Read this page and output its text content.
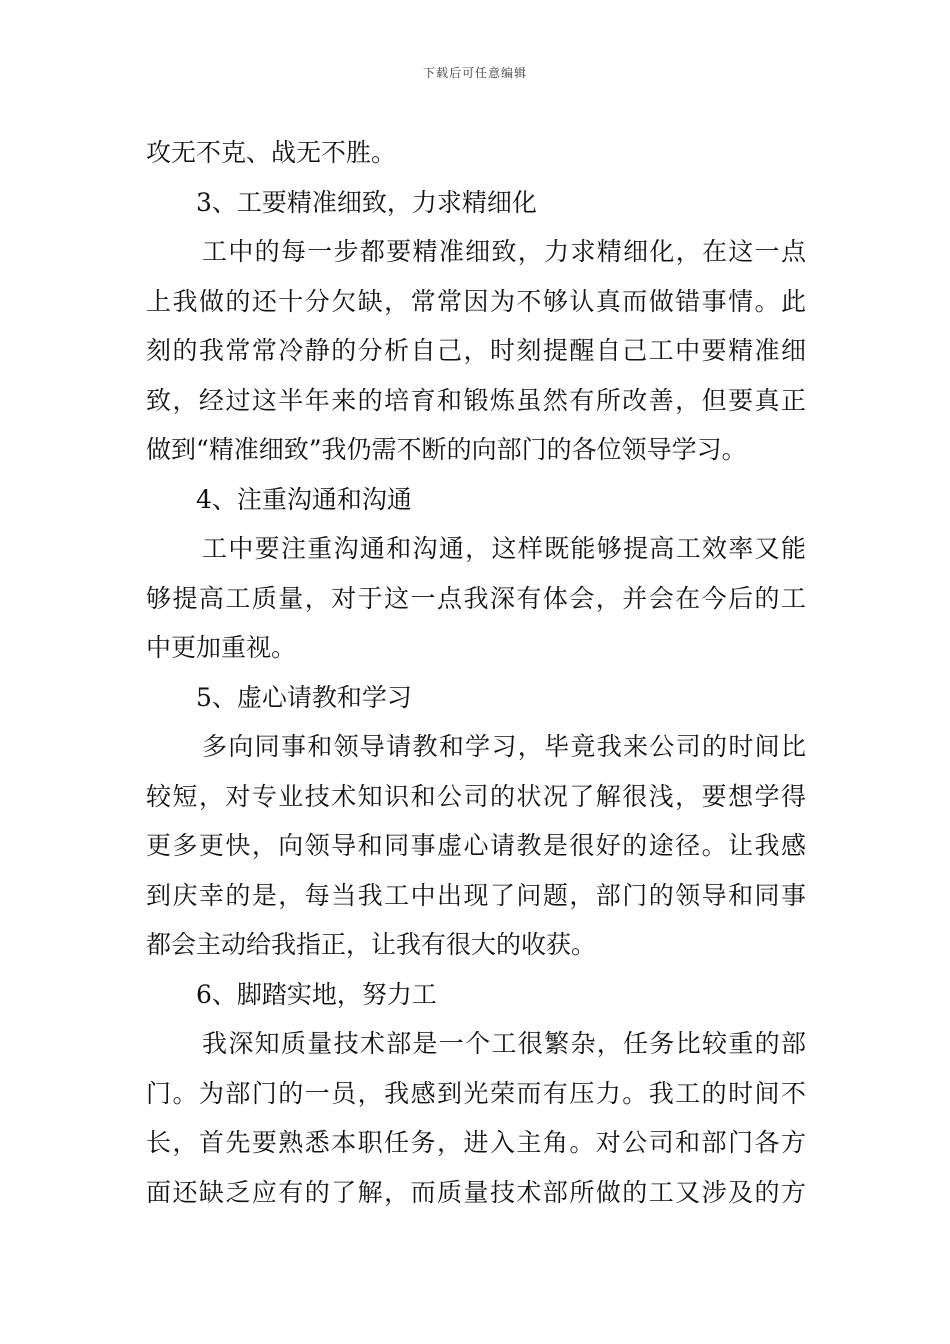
下载后可任意编辑
攻无不克、战无不胜。
3、工要精准细致，力求精细化
工中的每一步都要精准细致，力求精细化，在这一点
上我做的还十分欠缺，常常因为不够认真而做错事情。此
刻的我常常冷静的分析自己，时刻提醒自己工中要精准细
致，经过这半年来的培育和锻炼虽然有所改善，但要真正
做到“精准细致”我仍需不断的向部门的各位领导学习。
4、注重沟通和沟通
工中要注重沟通和沟通，这样既能够提高工效率又能
够提高工质量，对于这一点我深有体会，并会在今后的工
中更加重视。
5、虚心请教和学习
多向同事和领导请教和学习，毕竟我来公司的时间比
较短，对专业技术知识和公司的状况了解很浅，要想学得
更多更快，向领导和同事虚心请教是很好的途径。让我感
到庆幸的是，每当我工中出现了问题，部门的领导和同事
都会主动给我指正，让我有很大的收获。
6、脚踏实地，努力工
我深知质量技术部是一个工很繁杂，任务比较重的部
门。为部门的一员，我感到光荣而有压力。我工的时间不
长，首先要熟悉本职任务，进入主角。对公司和部门各方
面还缺乏应有的了解，而质量技术部所做的工又涉及的方
